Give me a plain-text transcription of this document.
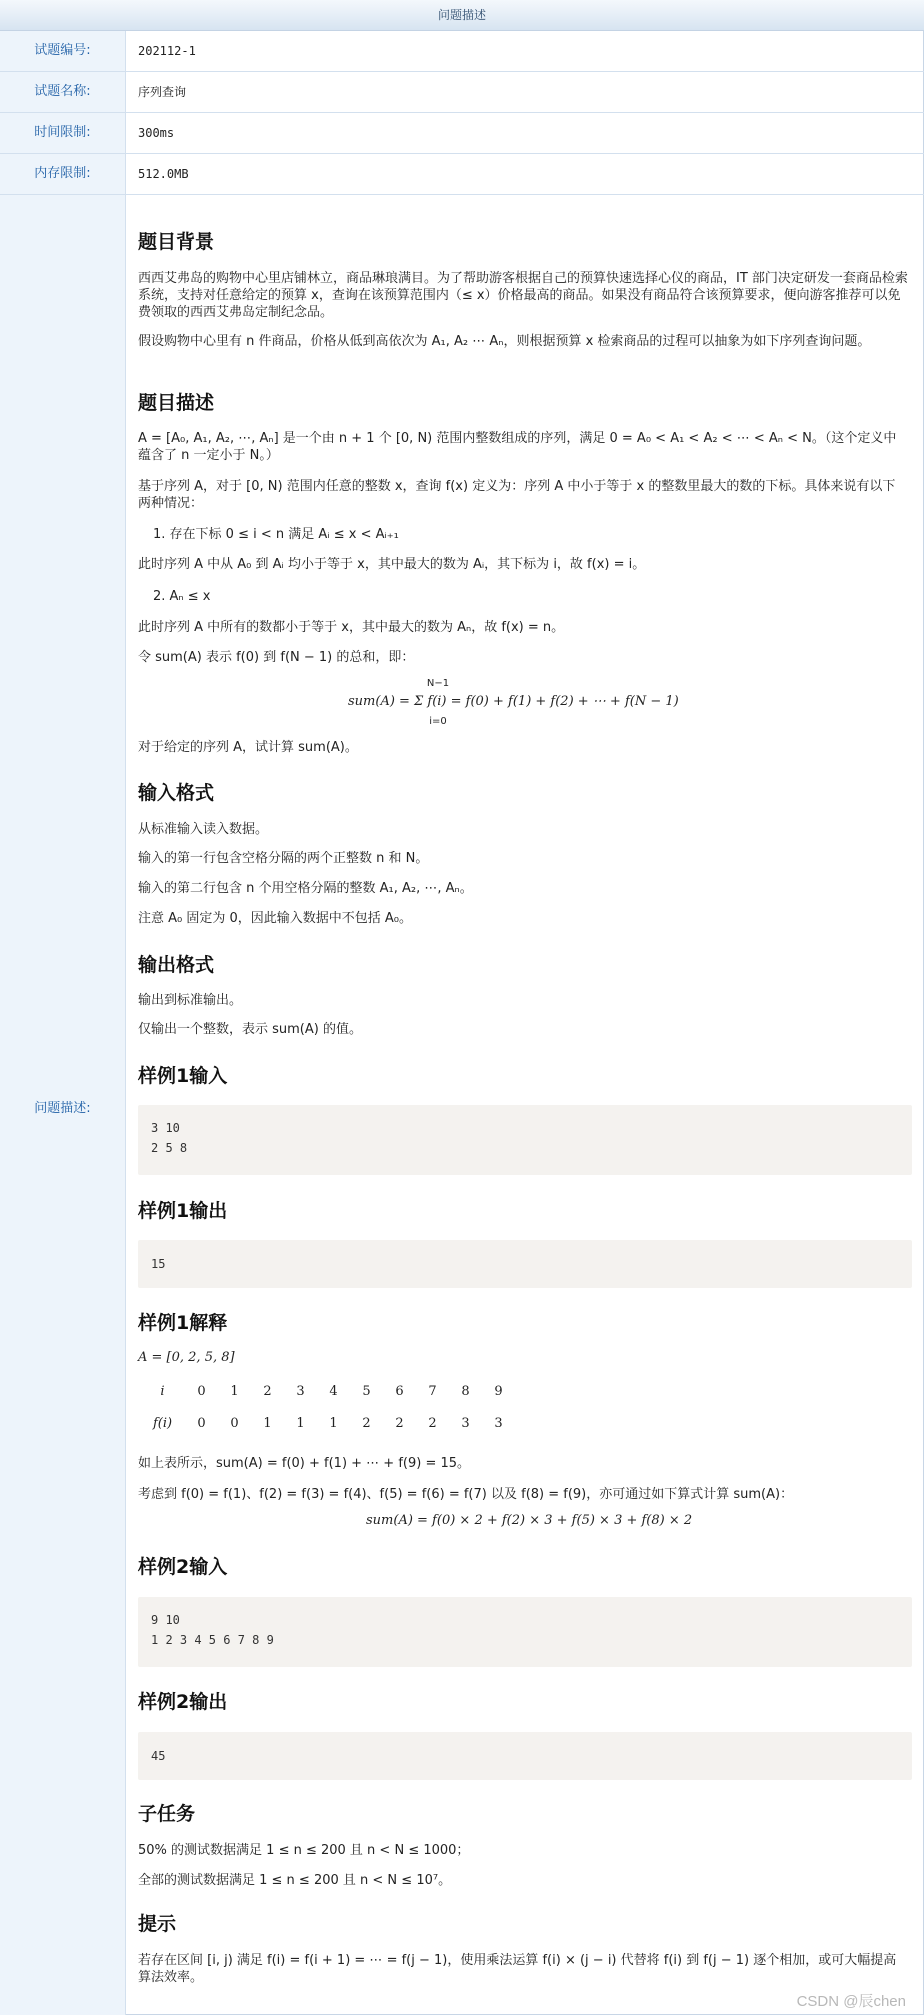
问题描述
试题编号:	202112-1
试题名称:	序列查询
时间限制:	300ms
内存限制:	512.0MB
问题描述:
题目背景
西西艾弗岛的购物中心里店铺林立，商品琳琅满目。为了帮助游客根据自己的预算快速选择心仪的商品，IT 部门决定研发一套商品检索系统，支持对任意给定的预算 x，查询在该预算范围内（≤ x）价格最高的商品。如果没有商品符合该预算要求，便向游客推荐可以免费领取的西西艾弗岛定制纪念品。
假设购物中心里有 n 件商品，价格从低到高依次为 A₁, A₂ ⋯ Aₙ，则根据预算 x 检索商品的过程可以抽象为如下序列查询问题。
题目描述
A = [A₀, A₁, A₂, ⋯, Aₙ] 是一个由 n + 1 个 [0, N) 范围内整数组成的序列，满足 0 = A₀ < A₁ < A₂ < ⋯ < Aₙ < N。（这个定义中蕴含了 n 一定小于 N。）
基于序列 A，对于 [0, N) 范围内任意的整数 x，查询 f(x) 定义为：序列 A 中小于等于 x 的整数里最大的数的下标。具体来说有以下两种情况：
1. 存在下标 0 ≤ i < n 满足 Aᵢ ≤ x < Aᵢ₊₁
此时序列 A 中从 A₀ 到 Aᵢ 均小于等于 x，其中最大的数为 Aᵢ，其下标为 i，故 f(x) = i。
2. Aₙ ≤ x
此时序列 A 中所有的数都小于等于 x，其中最大的数为 Aₙ，故 f(x) = n。
令 sum(A) 表示 f(0) 到 f(N − 1) 的总和，即：
N−1
sum(A) = Σ f(i) = f(0) + f(1) + f(2) + ⋯ + f(N − 1)
i=0
对于给定的序列 A，试计算 sum(A)。
输入格式
从标准输入读入数据。
输入的第一行包含空格分隔的两个正整数 n 和 N。
输入的第二行包含 n 个用空格分隔的整数 A₁, A₂, ⋯, Aₙ。
注意 A₀ 固定为 0，因此输入数据中不包括 A₀。
输出格式
输出到标准输出。
仅输出一个整数，表示 sum(A) 的值。
样例1输入
3 10
2 5 8
样例1输出
15
样例1解释
A = [0, 2, 5, 8]
i	0	1	2	3	4	5	6	7	8	9
f(i)	0	0	1	1	1	2	2	2	3	3
如上表所示，sum(A) = f(0) + f(1) + ⋯ + f(9) = 15。
考虑到 f(0) = f(1)、f(2) = f(3) = f(4)、f(5) = f(6) = f(7) 以及 f(8) = f(9)，亦可通过如下算式计算 sum(A)：
sum(A) = f(0) × 2 + f(2) × 3 + f(5) × 3 + f(8) × 2
样例2输入
9 10
1 2 3 4 5 6 7 8 9
样例2输出
45
子任务
50% 的测试数据满足 1 ≤ n ≤ 200 且 n < N ≤ 1000；
全部的测试数据满足 1 ≤ n ≤ 200 且 n < N ≤ 10⁷。
提示
若存在区间 [i, j) 满足 f(i) = f(i + 1) = ⋯ = f(j − 1)，使用乘法运算 f(i) × (j − i) 代替将 f(i) 到 f(j − 1) 逐个相加，或可大幅提高算法效率。
CSDN @辰chen
